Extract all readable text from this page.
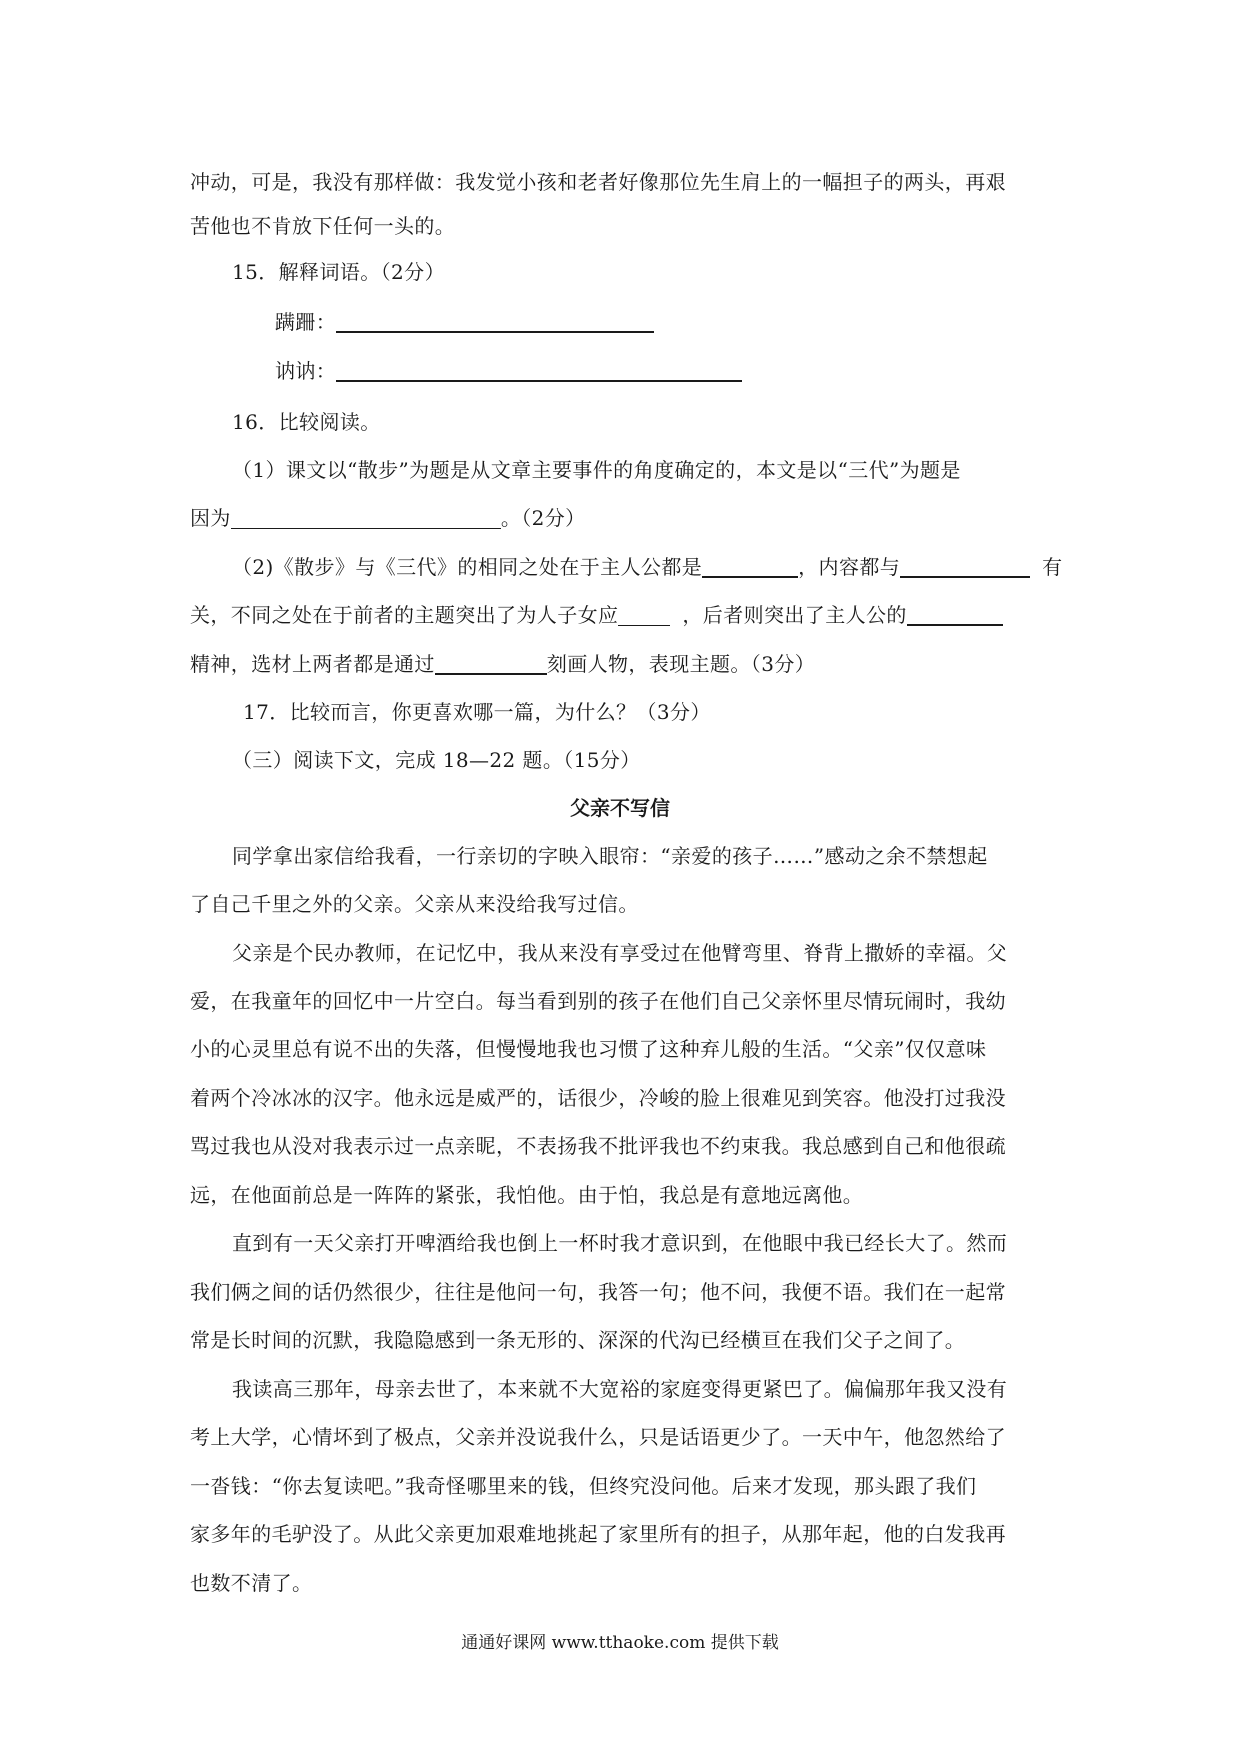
冲动，可是，我没有那样做：我发觉小孩和老者好像那位先生肩上的一幅担子的两头，再艰
苦他也不肯放下任何一头的。
15．解释词语。（2分）
蹒跚：
讷讷：
16．比较阅读。
（1）课文以“散步”为题是从文章主要事件的角度确定的，本文是以“三代”为题是
因为	。（2分）
（2)《散步》与《三代》的相同之处在于主人公都是	，内容都与	有
关，不同之处在于前者的主题突出了为人子女应	，后者则突出了主人公的
精神，选材上两者都是通过	刻画人物，表现主题。（3分）
17．比较而言，你更喜欢哪一篇，为什么？（3分）
（三）阅读下文，完成 18—22 题。（15分）
父亲不写信
同学拿出家信给我看，一行亲切的字映入眼帘：“亲爱的孩子……”感动之余不禁想起
了自己千里之外的父亲。父亲从来没给我写过信。
父亲是个民办教师，在记忆中，我从来没有享受过在他臂弯里、脊背上撒娇的幸福。父
爱，在我童年的回忆中一片空白。每当看到别的孩子在他们自己父亲怀里尽情玩闹时，我幼
小的心灵里总有说不出的失落，但慢慢地我也习惯了这种弃儿般的生活。“父亲”仅仅意味
着两个冷冰冰的汉字。他永远是威严的，话很少，冷峻的脸上很难见到笑容。他没打过我没
骂过我也从没对我表示过一点亲昵，不表扬我不批评我也不约束我。我总感到自己和他很疏
远，在他面前总是一阵阵的紧张，我怕他。由于怕，我总是有意地远离他。
直到有一天父亲打开啤酒给我也倒上一杯时我才意识到，在他眼中我已经长大了。然而
我们俩之间的话仍然很少，往往是他问一句，我答一句；他不问，我便不语。我们在一起常
常是长时间的沉默，我隐隐感到一条无形的、深深的代沟已经横亘在我们父子之间了。
我读高三那年，母亲去世了，本来就不大宽裕的家庭变得更紧巴了。偏偏那年我又没有
考上大学，心情坏到了极点，父亲并没说我什么，只是话语更少了。一天中午，他忽然给了
一沓钱：“你去复读吧。”我奇怪哪里来的钱，但终究没问他。后来才发现，那头跟了我们
家多年的毛驴没了。从此父亲更加艰难地挑起了家里所有的担子，从那年起，他的白发我再
也数不清了。
通通好课网 www.tthaoke.com 提供下载
